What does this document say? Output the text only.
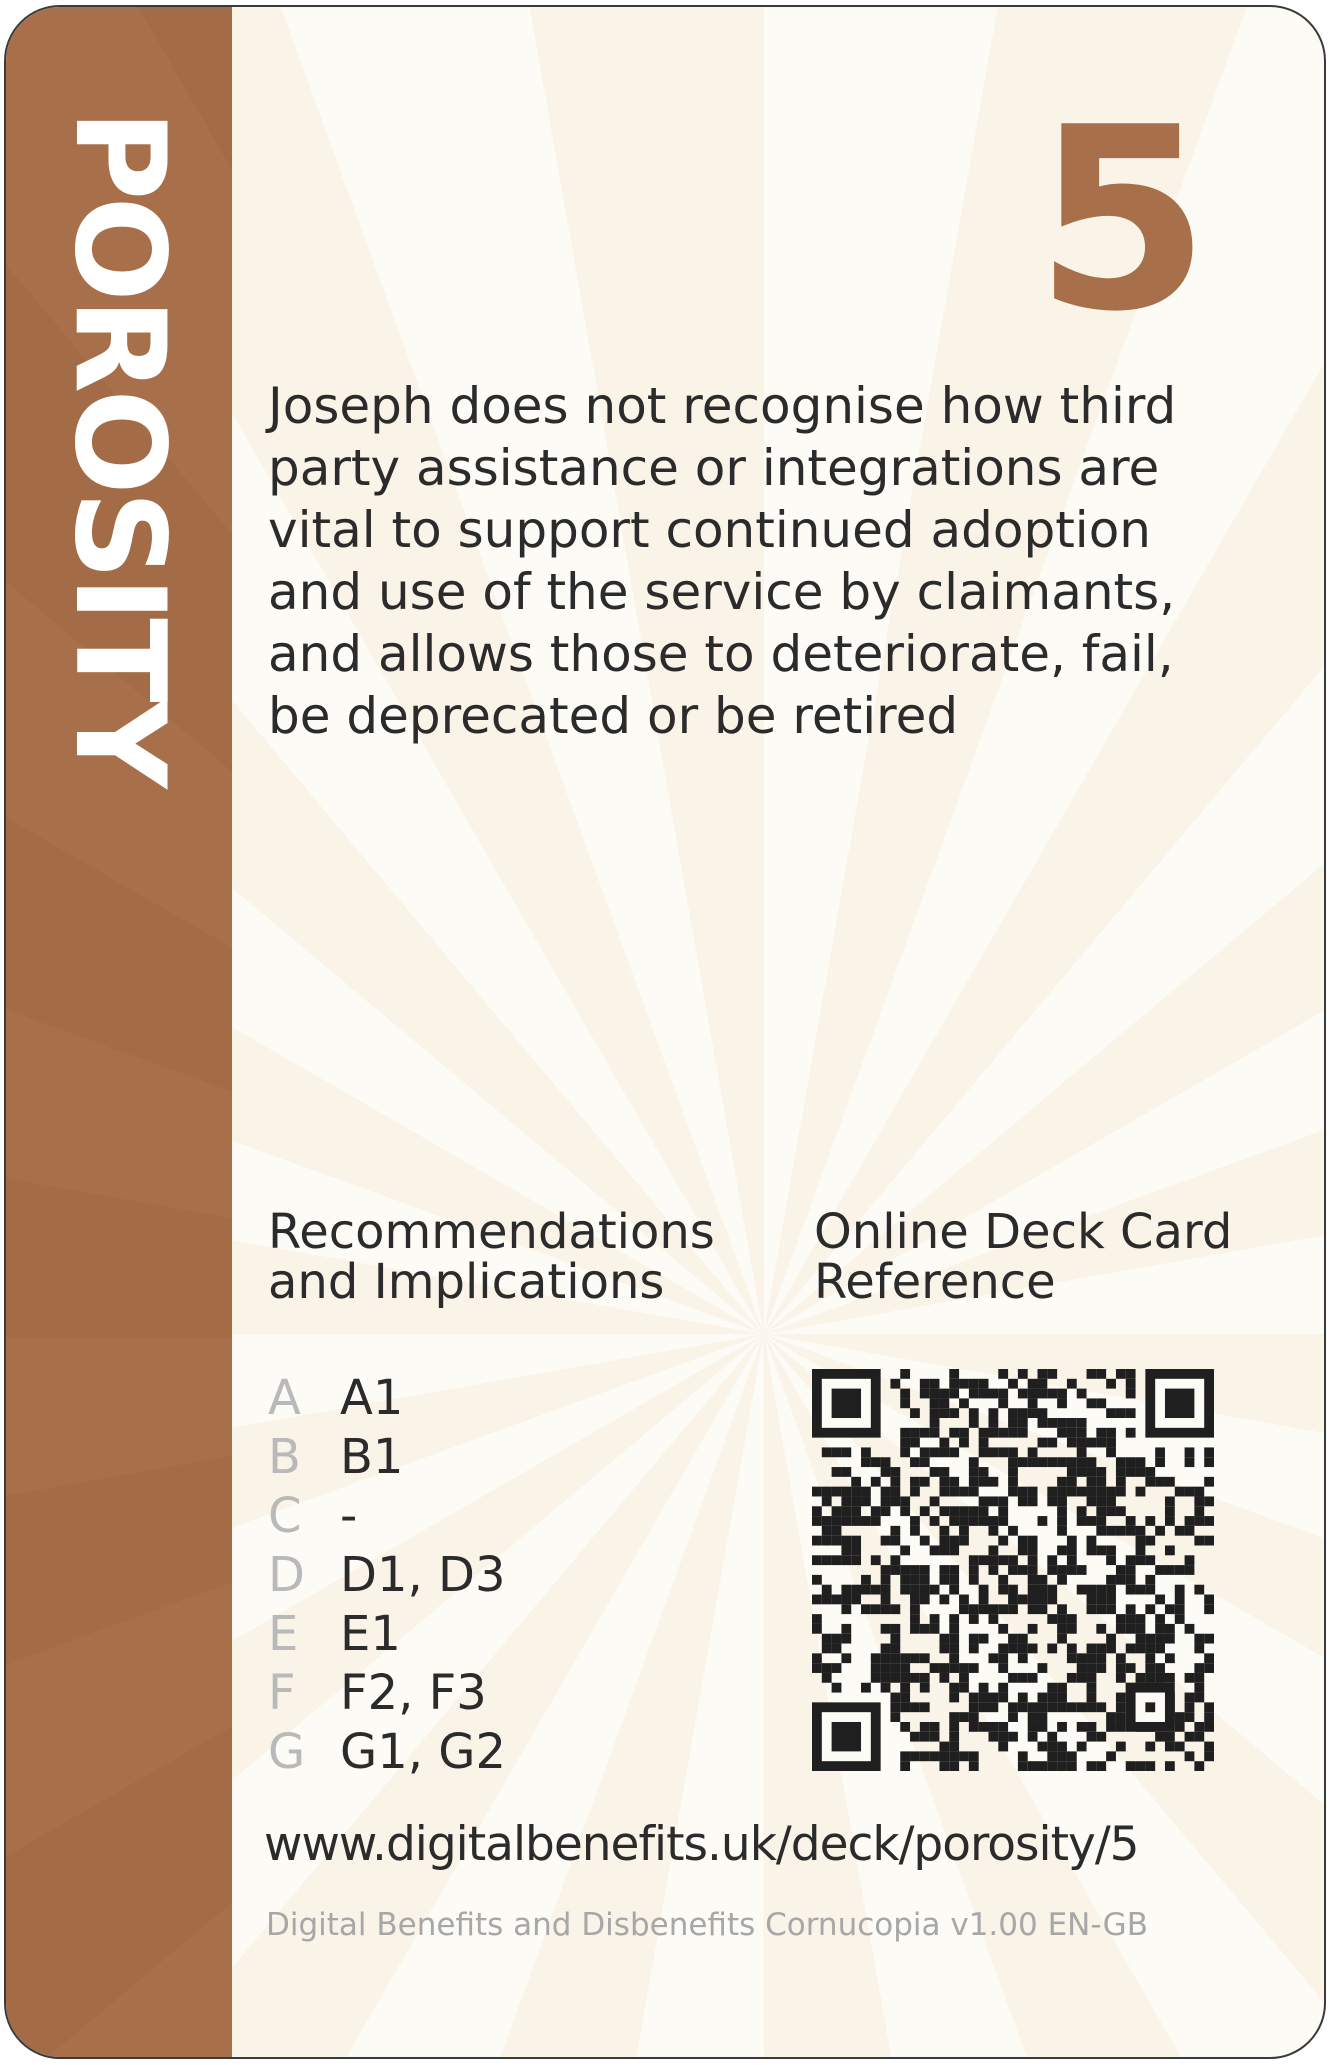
POROSITY	5

Joseph does not recognise how third party assistance or integrations are vital to support continued adoption and use of the service by claimants, and allows those to deteriorate, fail, be deprecated or be retired

Recommendations and Implications
Online Deck Card Reference
A A1
B B1
C -
D D1, D3
E E1
F F2, F3
G G1, G2
www.digitalbenefits.uk/deck/porosity/5
Digital Benefits and Disbenefits Cornucopia v1.00 EN-GB
